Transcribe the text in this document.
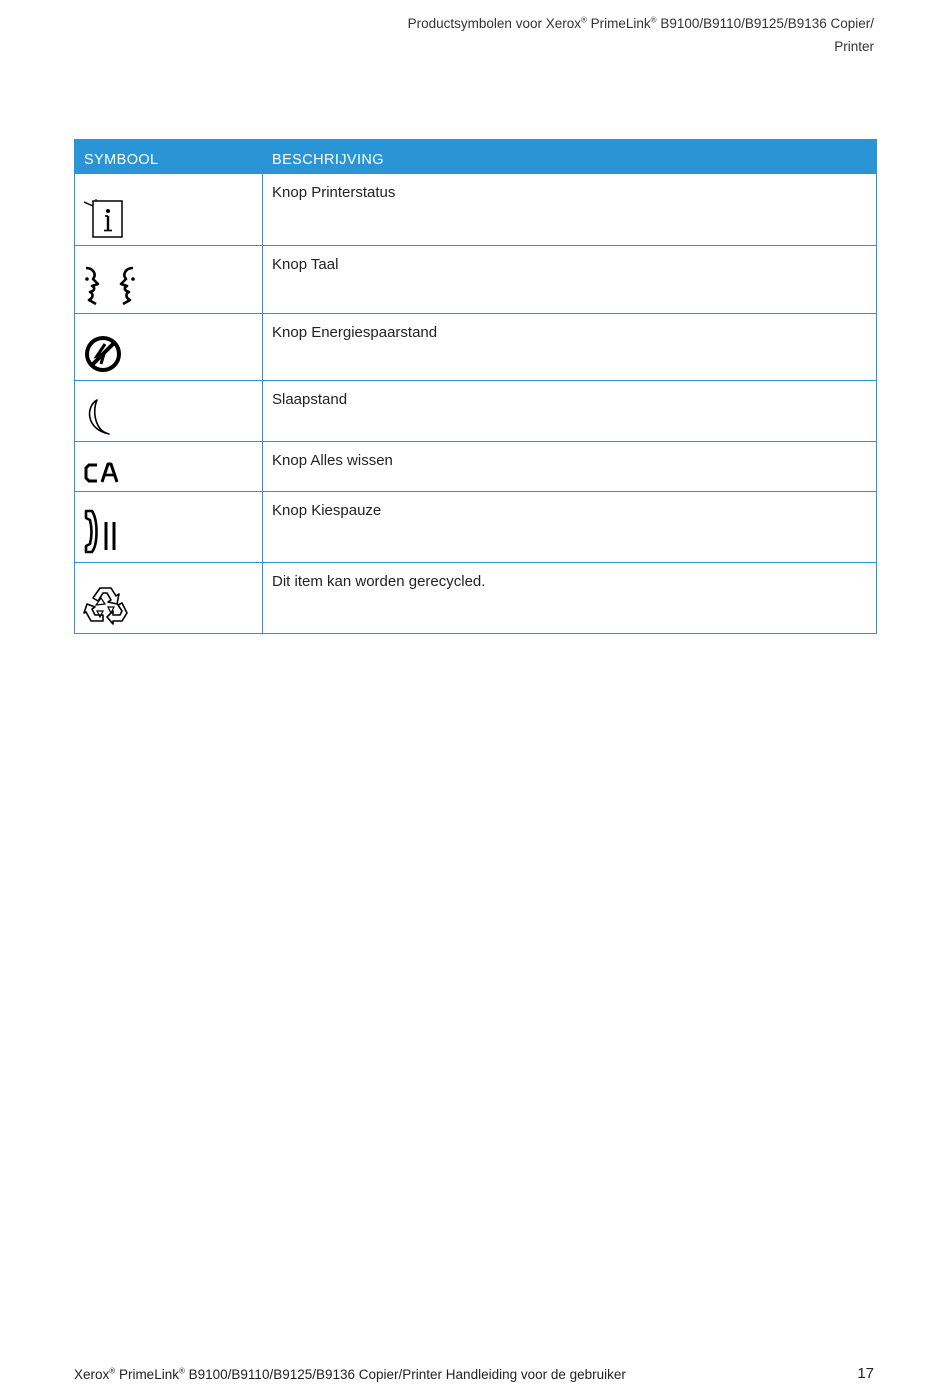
Productsymbolen voor Xerox® PrimeLink® B9100/B9110/B9125/B9136 Copier/
Printer
SYMBOOL	BESCHRIJVING

	Knop Printerstatus

	Knop Taal

	Knop Energiespaarstand

	Slaapstand

	Knop Alles wissen

	Knop Kiespauze

	Dit item kan worden gerecycled.
Xerox® PrimeLink® B9100/B9110/B9125/B9136 Copier/Printer Handleiding voor de gebruiker	17
